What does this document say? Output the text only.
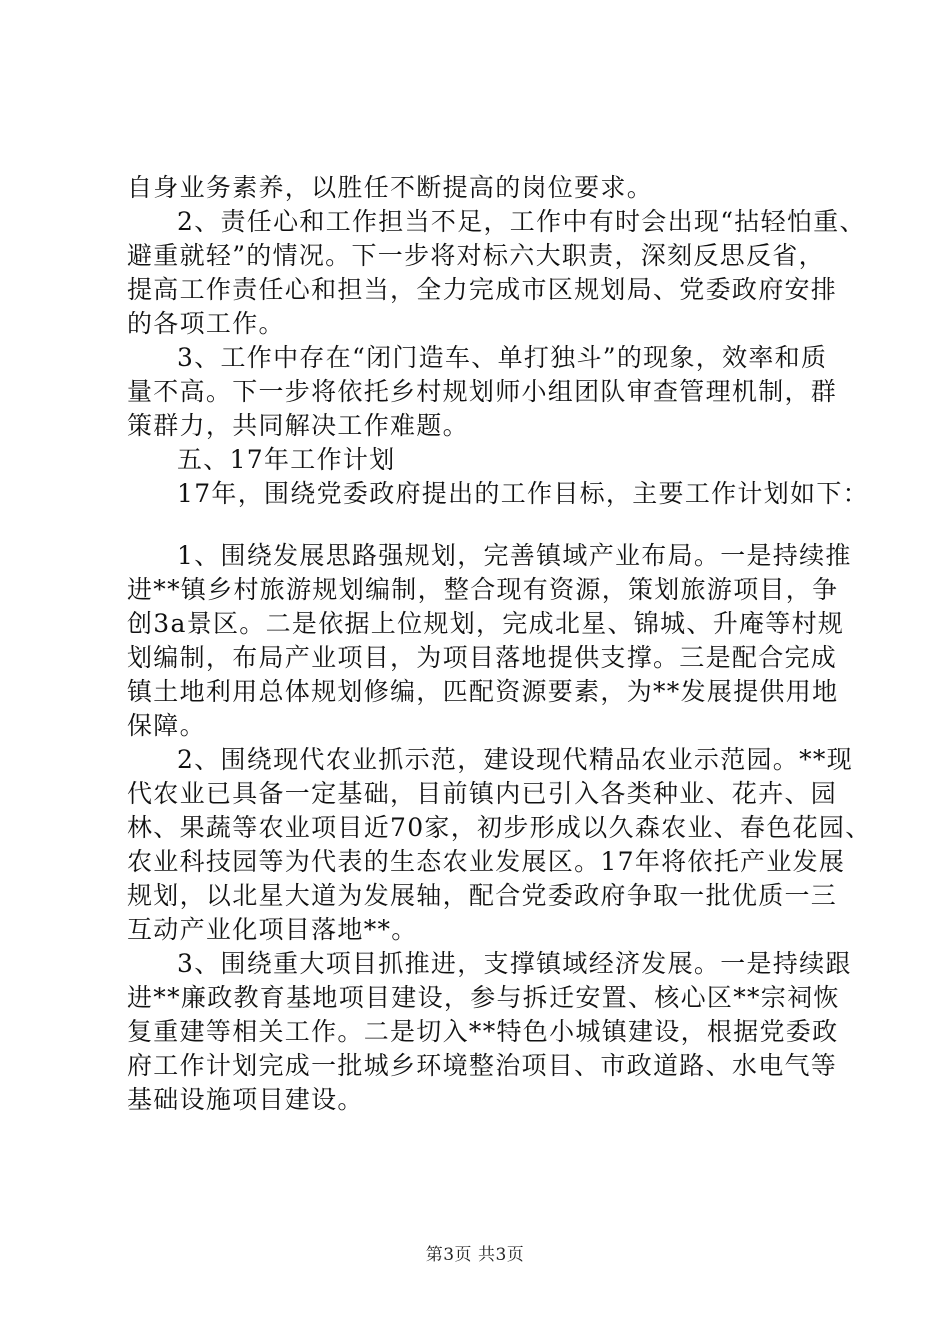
自身业务素养，以胜任不断提高的岗位要求。
2、责任心和工作担当不足，工作中有时会出现“拈轻怕重、
避重就轻”的情况。下一步将对标六大职责，深刻反思反省，
提高工作责任心和担当，全力完成市区规划局、党委政府安排
的各项工作。
3、工作中存在“闭门造车、单打独斗”的现象，效率和质
量不高。下一步将依托乡村规划师小组团队审查管理机制，群
策群力，共同解决工作难题。
五、17年工作计划
17年，围绕党委政府提出的工作目标，主要工作计划如下：
1、围绕发展思路强规划，完善镇域产业布局。一是持续推
进**镇乡村旅游规划编制，整合现有资源，策划旅游项目，争
创3a景区。二是依据上位规划，完成北星、锦城、升庵等村规
划编制，布局产业项目，为项目落地提供支撑。三是配合完成
镇土地利用总体规划修编，匹配资源要素，为**发展提供用地
保障。
2、围绕现代农业抓示范，建设现代精品农业示范园。**现
代农业已具备一定基础，目前镇内已引入各类种业、花卉、园
林、果蔬等农业项目近70家，初步形成以久森农业、春色花园、
农业科技园等为代表的生态农业发展区。17年将依托产业发展
规划，以北星大道为发展轴，配合党委政府争取一批优质一三
互动产业化项目落地**。
3、围绕重大项目抓推进，支撑镇域经济发展。一是持续跟
进**廉政教育基地项目建设，参与拆迁安置、核心区**宗祠恢
复重建等相关工作。二是切入**特色小城镇建设，根据党委政
府工作计划完成一批城乡环境整治项目、市政道路、水电气等
基础设施项目建设。
第3页 共3页
